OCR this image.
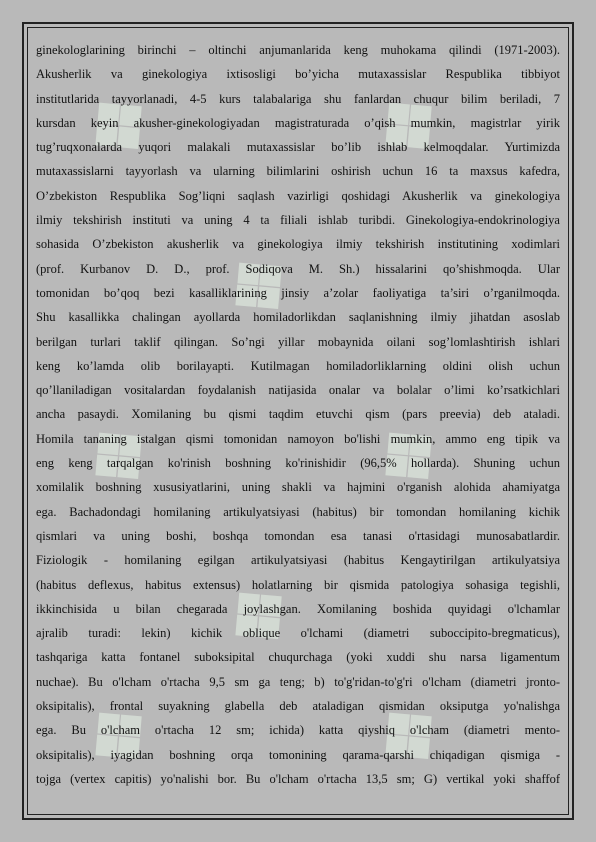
❖ ❖
❖
❖ ❖
❖
❖ ❖
ginekologlarining birinchi – oltinchi anjumanlarida keng muhokama qilindi (1971-2003).
Akusherlik va ginekologiya ixtisosligi bo’yicha mutaxassislar Respublika tibbiyot
institutlarida tayyorlanadi, 4-5 kurs talabalariga shu fanlardan chuqur bilim beriladi, 7
kursdan keyin akusher-ginekologiyadan magistraturada o’qish mumkin, magistrlar yirik
tug’ruqxonalarda yuqori malakali mutaxassislar bo’lib ishlab kelmoqdalar. Yurtimizda
mutaxassislarni tayyorlash va ularning bilimlarini oshirish uchun 16 ta maxsus kafedra,
O’zbekiston Respublika Sog’liqni saqlash vazirligi qoshidagi Akusherlik va ginekologiya
ilmiy tekshirish instituti va uning 4 ta filiali ishlab turibdi. Ginekologiya-endokrinologiya
sohasida O’zbekiston akusherlik va ginekologiya ilmiy tekshirish institutining xodimlari
(prof. Kurbanov D. D., prof. Sodiqova M. Sh.) hissalarini qo’shishmoqda. Ular
tomonidan bo’qoq bezi kasalliklarining jinsiy a’zolar faoliyatiga ta’siri o’rganilmoqda.
Shu kasallikka chalingan ayollarda homiladorlikdan saqlanishning ilmiy jihatdan asoslab
berilgan turlari taklif qilingan. So’ngi yillar mobaynida oilani sog’lomlashtirish ishlari
keng ko’lamda olib borilayapti. Kutilmagan homiladorliklarning oldini olish uchun
qo’llaniladigan vositalardan foydalanish natijasida onalar va bolalar o’limi ko’rsatkichlari
ancha pasaydi. Xomilaning bu qismi taqdim etuvchi qism (pars preevia) deb ataladi.
Homila tananing istalgan qismi tomonidan namoyon bo'lishi mumkin, ammo eng tipik va
eng keng tarqalgan ko'rinish boshning ko'rinishidir (96,5% hollarda). Shuning uchun
xomilalik boshning xususiyatlarini, uning shakli va hajmini o'rganish alohida ahamiyatga
ega. Bachadondagi homilaning artikulyatsiyasi (habitus) bir tomondan homilaning kichik
qismlari va uning boshi, boshqa tomondan esa tanasi o'rtasidagi munosabatlardir.
Fiziologik - homilaning egilgan artikulyatsiyasi (habitus Kengaytirilgan artikulyatsiya
(habitus deflexus, habitus extensus) holatlarning bir qismida patologiya sohasiga tegishli,
ikkinchisida u bilan chegarada joylashgan. Xomilaning boshida quyidagi o'lchamlar
ajralib turadi: lekin) kichik oblique o'lchami (diametri suboccipito-bregmaticus),
tashqariga katta fontanel suboksipital chuqurchaga (yoki xuddi shu narsa ligamentum
nuchae). Bu o'lcham o'rtacha 9,5 sm ga teng; b) to'g'ridan-to'g'ri o'lcham (diametri jronto-
oksipitalis), frontal suyakning glabella deb ataladigan qismidan oksiputga yo'nalishga
ega. Bu o'lcham o'rtacha 12 sm; ichida) katta qiyshiq o'lcham (diametri mento-
oksipitalis), iyagidan boshning orqa tomonining qarama-qarshi chiqadigan qismiga -
tojga (vertex capitis) yo'nalishi bor. Bu o'lcham o'rtacha 13,5 sm; G) vertikal yoki shaffof
